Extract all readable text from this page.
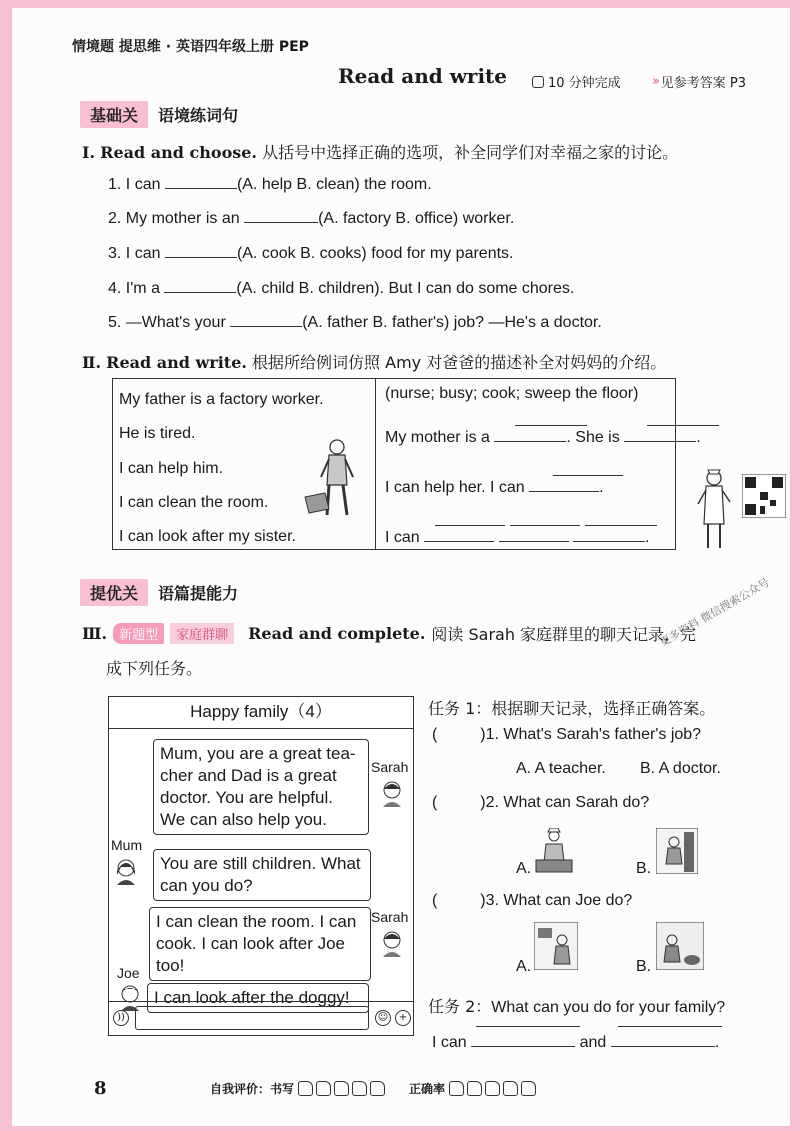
情境题 提思维 · 英语四年级上册 PEP
Read and write	10 分钟完成 ›› 见参考答案 P3
基础关	语境练词句
Ⅰ. Read and choose. 从括号中选择正确的选项，补全同学们对幸福之家的讨论。
1. I can	(A. help B. clean) the room.
2. My mother is an	(A. factory B. office) worker.
3. I can	(A. cook B. cooks) food for my parents.
4. I'm a	(A. child B. children). But I can do some chores.
5. —What's your	(A. father B. father's) job? —He's a doctor.
Ⅱ. Read and write. 根据所给例词仿照 Amy 对爸爸的描述补全对妈妈的介绍。
My father is a factory worker.
He is tired.
I can help him.
I can clean the room.
I can look after my sister.
(nurse; busy; cook; sweep the floor)
My mother is a	. She is	.
I can help her. I can	.
I can	.
更多资料 微信搜索公众号
提优关	语篇提能力
Ⅲ. 新题型	家庭群聊	Read and complete. 阅读 Sarah 家庭群里的聊天记录，完
成下列任务。
Happy family（4）
Mum, you are a great tea-cher and Dad is a great doctor. You are helpful. We can also help you.
Sarah
Mum
You are still children. What can you do?
I can clean the room. I can cook. I can look after Joe too!
Sarah
Joe
I can look after the doggy!
))	☺	+
任务 1：根据聊天记录，选择正确答案。
(	)1. What's Sarah's father's job?
A. A teacher. B. A doctor.
(	)2. What can Sarah do?
A.	B.
(	)3. What can Joe do?
A.	B.
任务 2：What can you do for your family?
I can	and	.
8	自我评价：书写	正确率
